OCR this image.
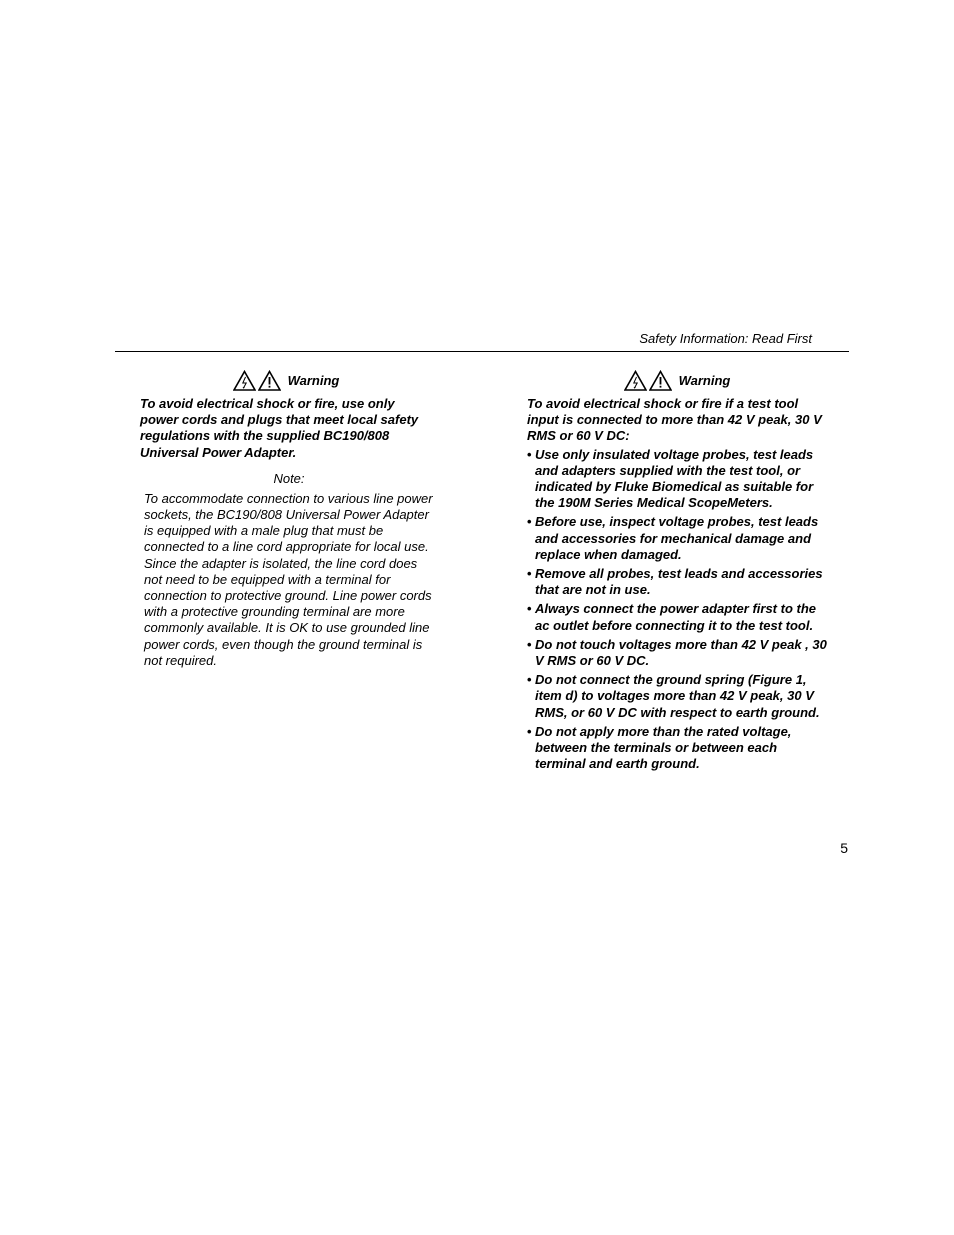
Safety Information: Read First
Warning

To avoid electrical shock or fire, use only power cords and plugs that meet local safety regulations with the supplied BC190/808 Universal Power Adapter.

Note:

To accommodate connection to various line power sockets, the BC190/808 Universal Power Adapter is equipped with a male plug that must be connected to a line cord appropriate for local use. Since the adapter is isolated, the line cord does not need to be equipped with a terminal for connection to protective ground. Line power cords with a protective grounding terminal are more commonly available. It is OK to use grounded line power cords, even though the ground terminal is not required.

Warning

To avoid electrical shock or fire if a test tool input is connected to more than 42 V peak, 30 V RMS or 60 V DC:

• Use only insulated voltage probes, test leads and adapters supplied with the test tool, or indicated by Fluke Biomedical as suitable for the 190M Series Medical ScopeMeters.
• Before use, inspect voltage probes, test leads and accessories for mechanical damage and replace when damaged.
• Remove all probes, test leads and accessories that are not in use.
• Always connect the power adapter first to the ac outlet before connecting it to the test tool.
• Do not touch voltages more than 42 V peak , 30 V RMS or 60 V DC.
• Do not connect the ground spring (Figure 1, item d) to voltages more than 42 V peak, 30 V RMS, or 60 V DC with respect to earth ground.
• Do not apply more than the rated voltage, between the terminals or between each terminal and earth ground.
5
